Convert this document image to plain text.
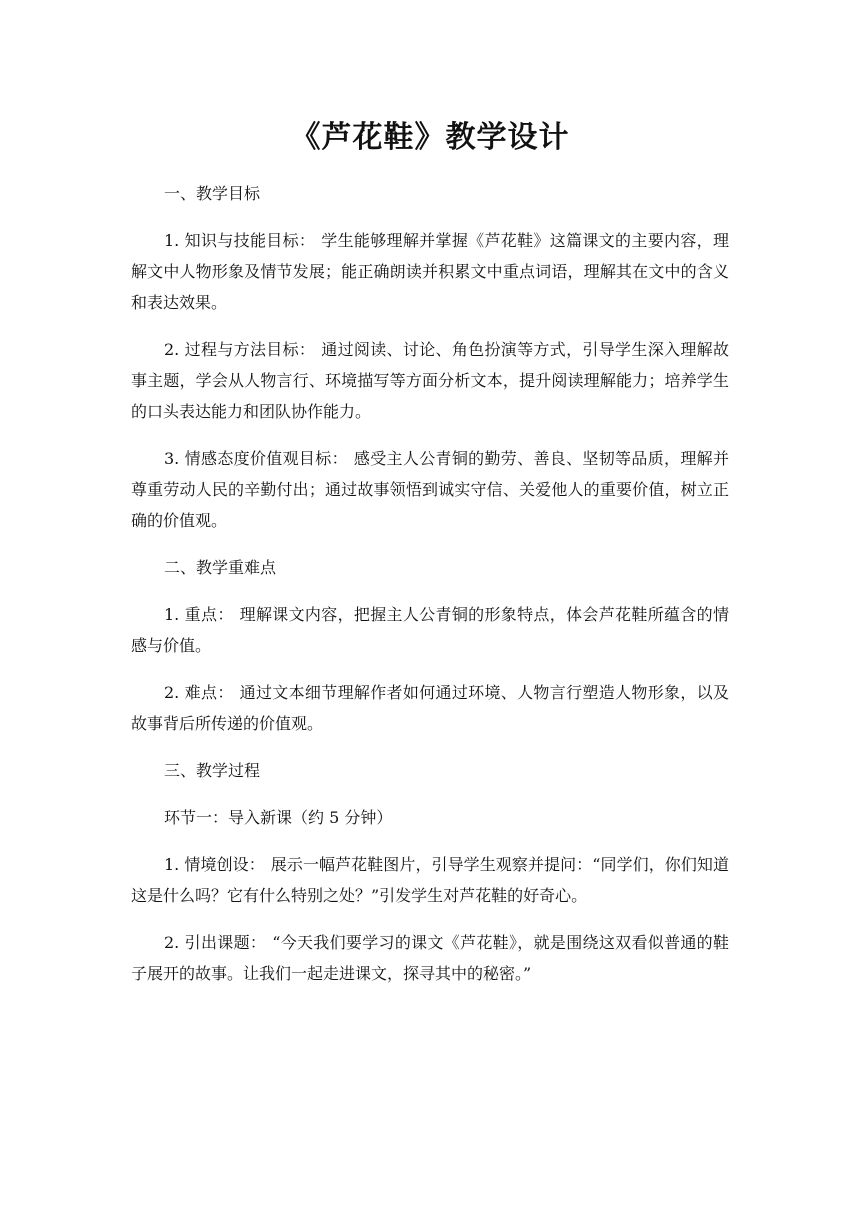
《芦花鞋》教学设计

一、教学目标

1. 知识与技能目标： 学生能够理解并掌握《芦花鞋》这篇课文的主要内容，理解文中人物形象及情节发展；能正确朗读并积累文中重点词语，理解其在文中的含义和表达效果。

2. 过程与方法目标： 通过阅读、讨论、角色扮演等方式，引导学生深入理解故事主题，学会从人物言行、环境描写等方面分析文本，提升阅读理解能力；培养学生的口头表达能力和团队协作能力。

3. 情感态度价值观目标： 感受主人公青铜的勤劳、善良、坚韧等品质，理解并尊重劳动人民的辛勤付出；通过故事领悟到诚实守信、关爱他人的重要价值，树立正确的价值观。

二、教学重难点

1. 重点： 理解课文内容，把握主人公青铜的形象特点，体会芦花鞋所蕴含的情感与价值。

2. 难点： 通过文本细节理解作者如何通过环境、人物言行塑造人物形象，以及故事背后所传递的价值观。

三、教学过程

环节一：导入新课（约 5 分钟）

1. 情境创设： 展示一幅芦花鞋图片，引导学生观察并提问：“同学们，你们知道这是什么吗？它有什么特别之处？”引发学生对芦花鞋的好奇心。

2. 引出课题： “今天我们要学习的课文《芦花鞋》，就是围绕这双看似普通的鞋子展开的故事。让我们一起走进课文，探寻其中的秘密。”
